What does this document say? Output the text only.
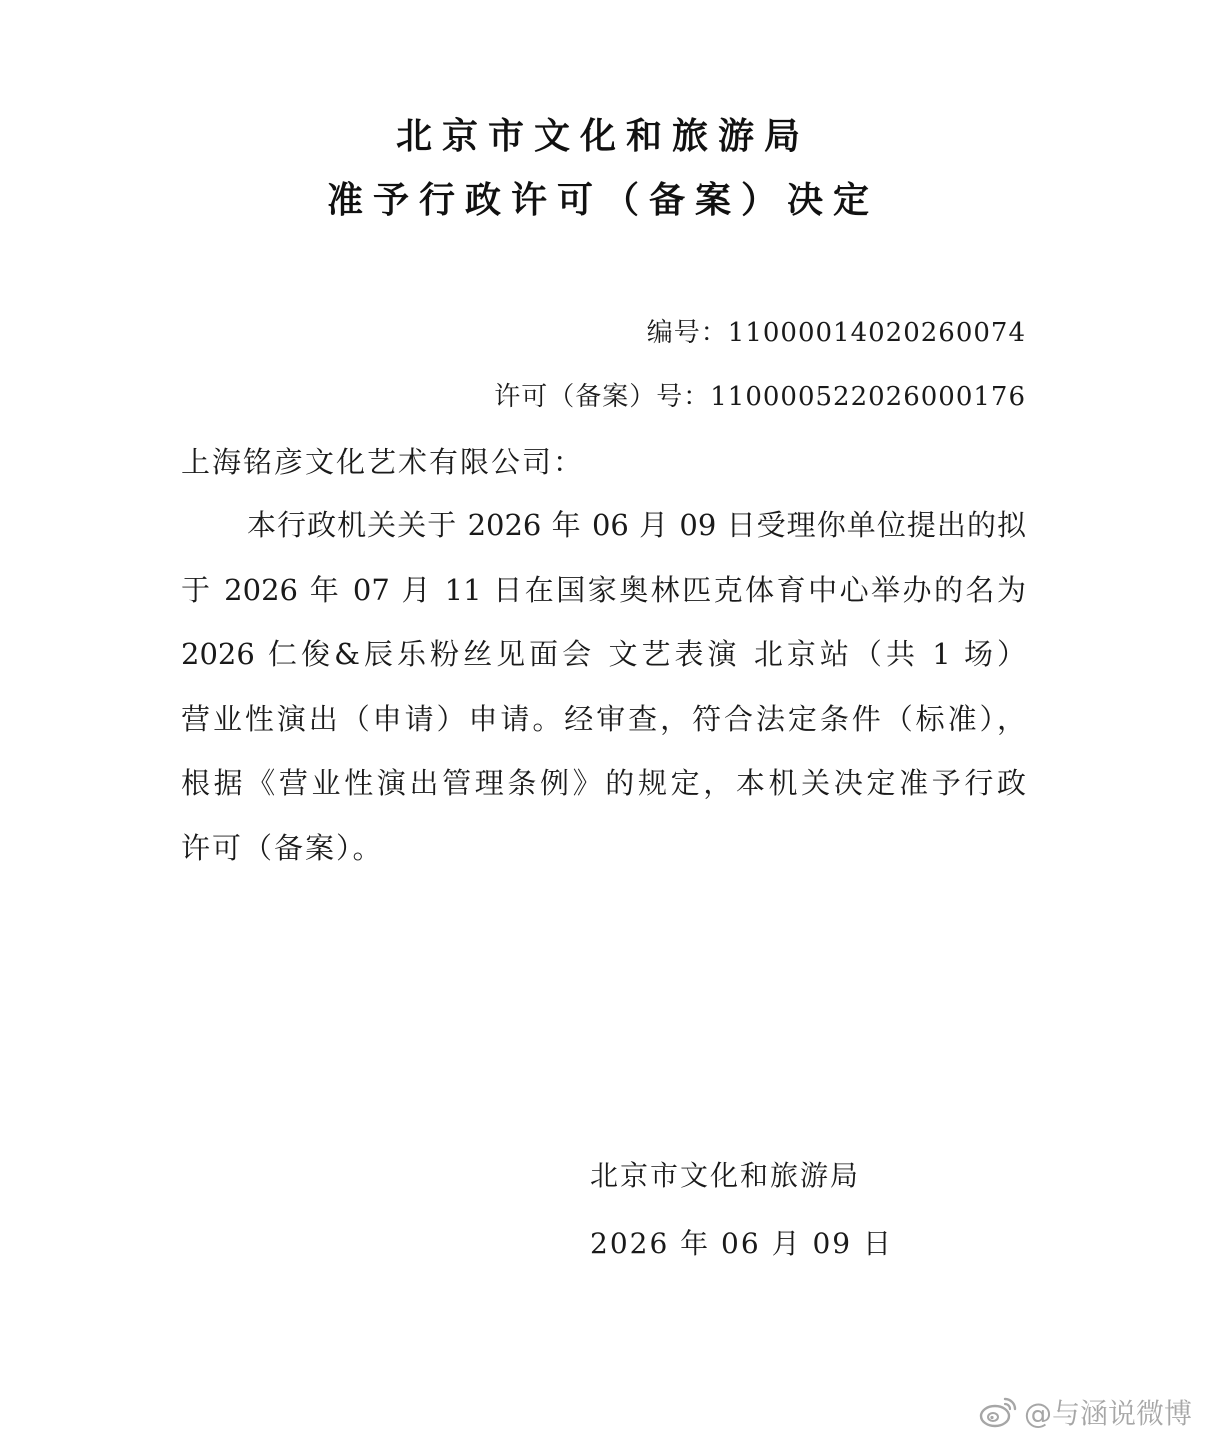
北京市文化和旅游局
准予行政许可（备案）决定
编号：11000014020260074
许可（备案）号：110000522026000176
上海铭彦文化艺术有限公司：
本行政机关关于 2026 年 06 月 09 日受理你单位提出的拟
于 2026 年 07 月 11 日在国家奥林匹克体育中心举办的名为
2026 仁俊&辰乐粉丝见面会 文艺表演 北京站（共 1 场）
营业性演出（申请）申请。经审查，符合法定条件（标准），
根据《营业性演出管理条例》的规定，本机关决定准予行政
许可（备案）。
北京市文化和旅游局
2026 年 06 月 09 日
@与涵说微博
